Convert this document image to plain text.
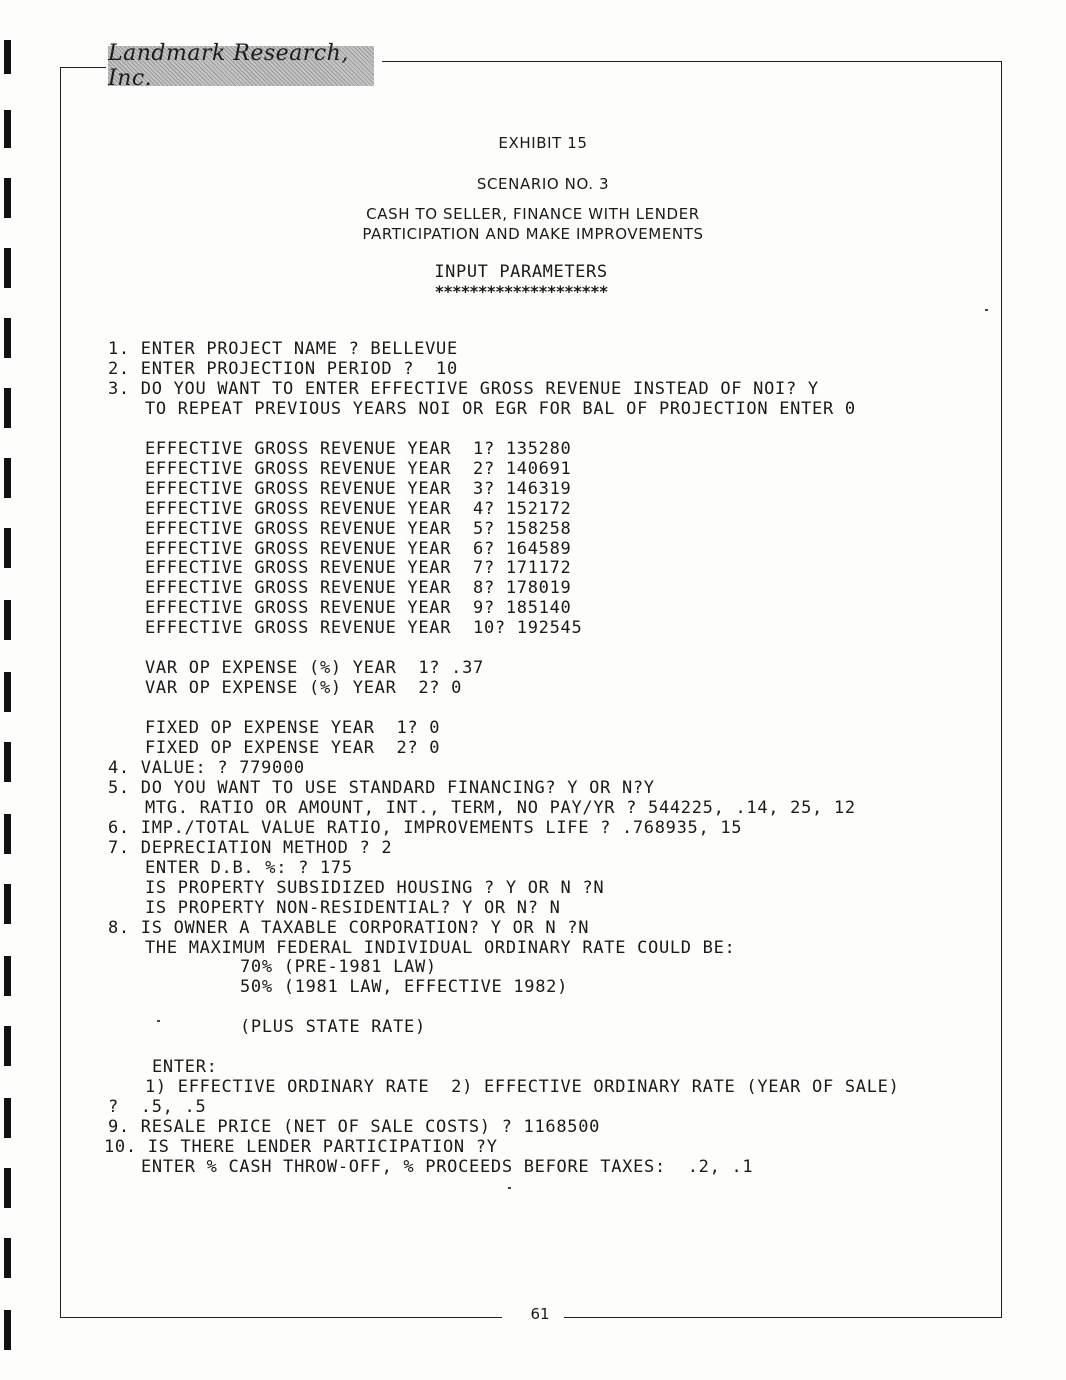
Landmark Research, Inc.
EXHIBIT 15
SCENARIO NO. 3
CASH TO SELLER, FINANCE WITH LENDER
PARTICIPATION AND MAKE IMPROVEMENTS
INPUT PARAMETERS
********************
1. ENTER PROJECT NAME ? BELLEVUE
2. ENTER PROJECTION PERIOD ?  10
3. DO YOU WANT TO ENTER EFFECTIVE GROSS REVENUE INSTEAD OF NOI? Y
TO REPEAT PREVIOUS YEARS NOI OR EGR FOR BAL OF PROJECTION ENTER 0
EFFECTIVE GROSS REVENUE YEAR  1? 135280
EFFECTIVE GROSS REVENUE YEAR  2? 140691
EFFECTIVE GROSS REVENUE YEAR  3? 146319
EFFECTIVE GROSS REVENUE YEAR  4? 152172
EFFECTIVE GROSS REVENUE YEAR  5? 158258
EFFECTIVE GROSS REVENUE YEAR  6? 164589
EFFECTIVE GROSS REVENUE YEAR  7? 171172
EFFECTIVE GROSS REVENUE YEAR  8? 178019
EFFECTIVE GROSS REVENUE YEAR  9? 185140
EFFECTIVE GROSS REVENUE YEAR  10? 192545
VAR OP EXPENSE (%) YEAR  1? .37
VAR OP EXPENSE (%) YEAR  2? 0
FIXED OP EXPENSE YEAR  1? 0
FIXED OP EXPENSE YEAR  2? 0
4. VALUE: ? 779000
5. DO YOU WANT TO USE STANDARD FINANCING? Y OR N?Y
MTG. RATIO OR AMOUNT, INT., TERM, NO PAY/YR ? 544225, .14, 25, 12
6. IMP./TOTAL VALUE RATIO, IMPROVEMENTS LIFE ? .768935, 15
7. DEPRECIATION METHOD ? 2
ENTER D.B. %: ? 175
IS PROPERTY SUBSIDIZED HOUSING ? Y OR N ?N
IS PROPERTY NON-RESIDENTIAL? Y OR N? N
8. IS OWNER A TAXABLE CORPORATION? Y OR N ?N
THE MAXIMUM FEDERAL INDIVIDUAL ORDINARY RATE COULD BE:
70% (PRE-1981 LAW)
50% (1981 LAW, EFFECTIVE 1982)
(PLUS STATE RATE)
ENTER:
1) EFFECTIVE ORDINARY RATE  2) EFFECTIVE ORDINARY RATE (YEAR OF SALE)
?  .5, .5
9. RESALE PRICE (NET OF SALE COSTS) ? 1168500
10. IS THERE LENDER PARTICIPATION ?Y
ENTER % CASH THROW-OFF, % PROCEEDS BEFORE TAXES:  .2, .1
61
